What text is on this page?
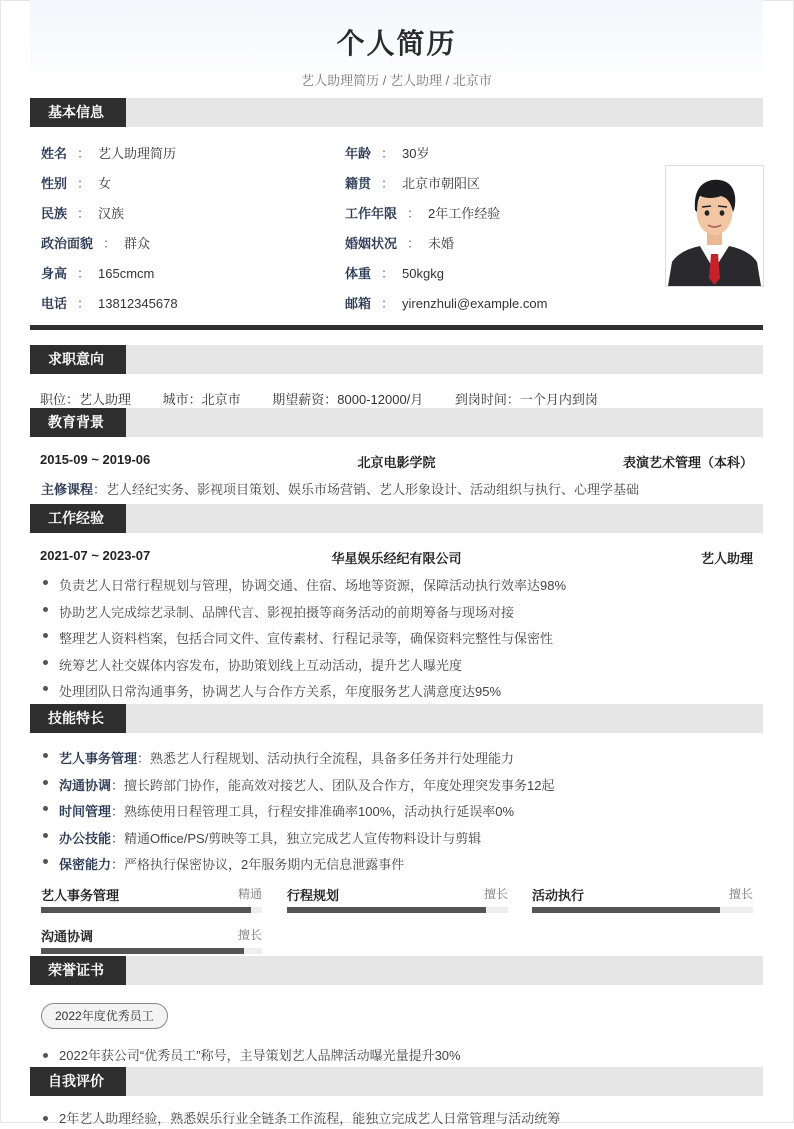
个人简历
艺人助理简历 / 艺人助理 / 北京市
基本信息
姓名 ： 艺人助理简历	年龄 ： 30岁
性别 ： 女	籍贯 ： 北京市朝阳区
民族 ： 汉族	工作年限 ： 2年工作经验
政治面貌 ： 群众	婚姻状况 ： 未婚
身高 ： 165cmcm	体重 ： 50kgkg
电话 ： 13812345678	邮箱 ： yirenzhuli@example.com
求职意向
职位：艺人助理 城市：北京市 期望薪资：8000-12000/月 到岗时间：一个月内到岗
教育背景
北京电影学院
2015-09 ~ 2019-06	表演艺术管理（本科）
主修课程：艺人经纪实务、影视项目策划、娱乐市场营销、艺人形象设计、活动组织与执行、心理学基础
工作经验
华星娱乐经纪有限公司
2021-07 ~ 2023-07	艺人助理
负责艺人日常行程规划与管理，协调交通、住宿、场地等资源，保障活动执行效率达98%
协助艺人完成综艺录制、品牌代言、影视拍摄等商务活动的前期筹备与现场对接
整理艺人资料档案，包括合同文件、宣传素材、行程记录等，确保资料完整性与保密性
统筹艺人社交媒体内容发布，协助策划线上互动活动，提升艺人曝光度
处理团队日常沟通事务，协调艺人与合作方关系，年度服务艺人满意度达95%
技能特长
艺人事务管理：熟悉艺人行程规划、活动执行全流程，具备多任务并行处理能力
沟通协调：擅长跨部门协作，能高效对接艺人、团队及合作方，年度处理突发事务12起
时间管理：熟练使用日程管理工具，行程安排准确率100%，活动执行延误率0%
办公技能：精通Office/PS/剪映等工具，独立完成艺人宣传物料设计与剪辑
保密能力：严格执行保密协议，2年服务期内无信息泄露事件
艺人事务管理	精通 行程规划	擅长 活动执行	擅长
沟通协调	擅长
荣誉证书
2022年度优秀员工
2022年获公司“优秀员工”称号，主导策划艺人品牌活动曝光量提升30%
自我评价
2年艺人助理经验，熟悉娱乐行业全链条工作流程，能独立完成艺人日常管理与活动统筹
